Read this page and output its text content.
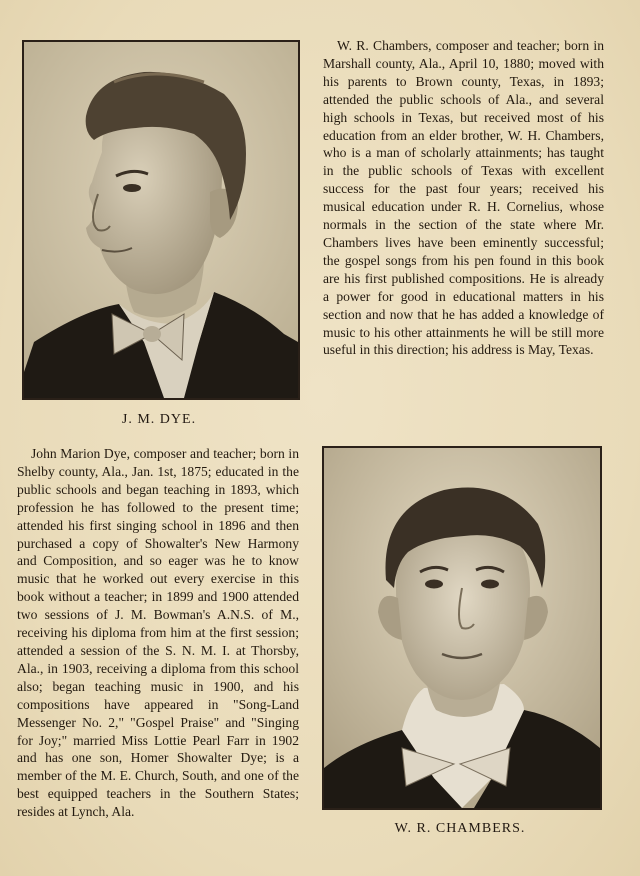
J. M. DYE.
John Marion Dye, composer and teacher; born in Shelby county, Ala., Jan. 1st, 1875; educated in the public schools and began teaching in 1893, which profession he has followed to the present time; attended his first singing school in 1896 and then purchased a copy of Showalter's New Harmony and Composition, and so eager was he to know music that he worked out every exercise in this book without a teacher; in 1899 and 1900 attended two sessions of J. M. Bowman's A.N.S. of M., receiving his diploma from him at the first session; attended a session of the S. N. M. I. at Thorsby, Ala., in 1903, receiving a diploma from this school also; began teaching music in 1900, and his compositions have appeared in "Song-Land Messenger No. 2," "Gospel Praise" and "Singing for Joy;" married Miss Lottie Pearl Farr in 1902 and has one son, Homer Showalter Dye; is a member of the M. E. Church, South, and one of the best equipped teachers in the Southern States; resides at Lynch, Ala.
W. R. Chambers, composer and teacher; born in Marshall county, Ala., April 10, 1880; moved with his parents to Brown county, Texas, in 1893; attended the public schools of Ala., and several high schools in Texas, but received most of his education from an elder brother, W. H. Chambers, who is a man of scholarly attainments; has taught in the public schools of Texas with excellent success for the past four years; received his musical education under R. H. Cornelius, whose normals in the section of the state where Mr. Chambers lives have been eminently successful; the gospel songs from his pen found in this book are his first published compositions. He is already a power for good in educational matters in his section and now that he has added a knowledge of music to his other attainments he will be still more useful in this direction; his address is May, Texas.
W. R. CHAMBERS.
